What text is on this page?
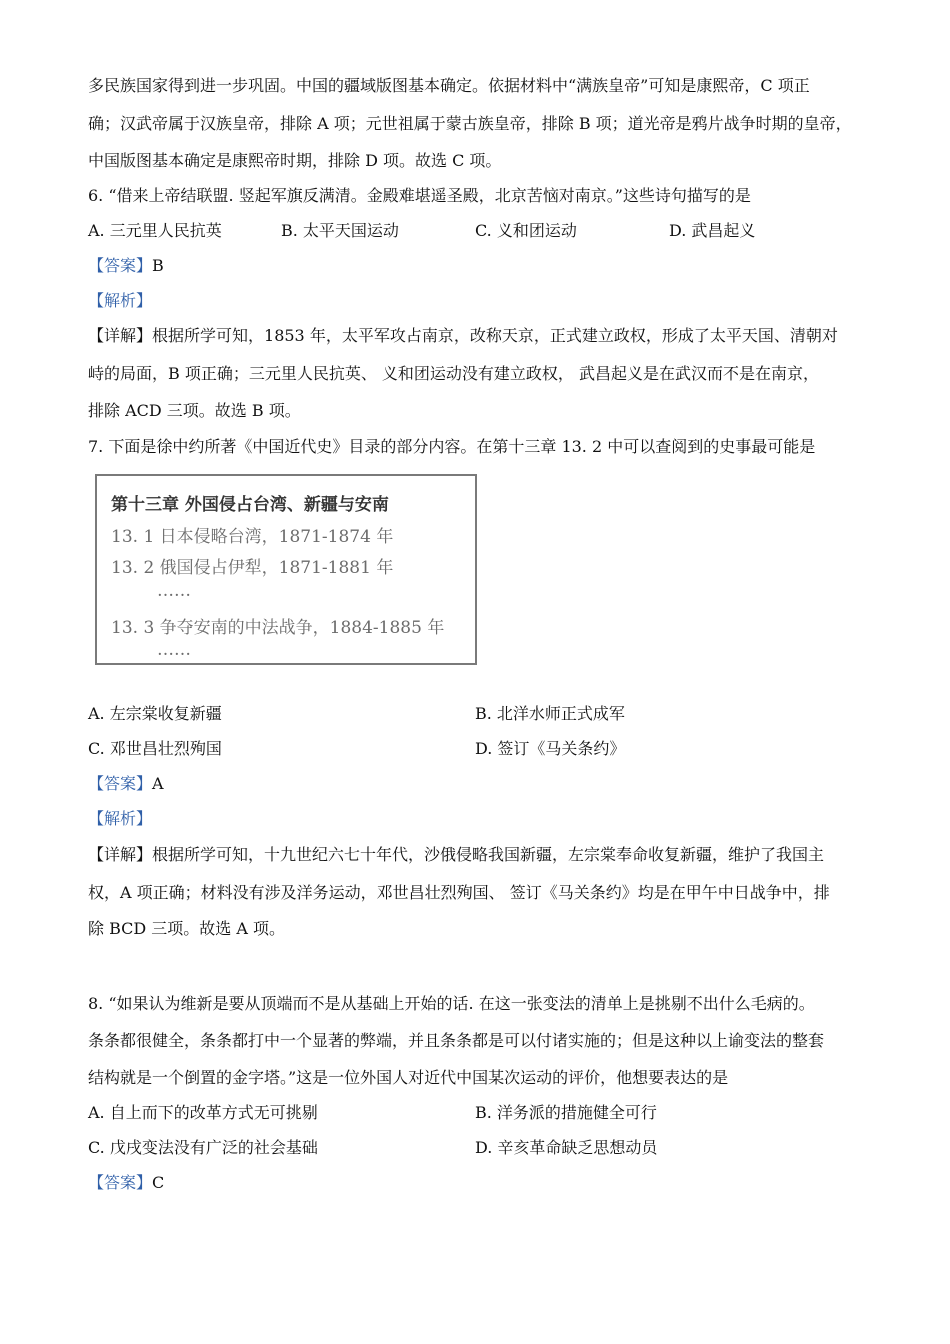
多民族国家得到进一步巩固。中国的疆域版图基本确定。依据材料中“满族皇帝”可知是康熙帝，C 项正
确；汉武帝属于汉族皇帝，排除 A 项；元世祖属于蒙古族皇帝，排除 B 项；道光帝是鸦片战争时期的皇帝，
中国版图基本确定是康熙帝时期，排除 D 项。故选 C 项。
6. “借来上帝结联盟. 竖起军旗反满清。金殿难堪遥圣殿，北京苦恼对南京。”这些诗句描写的是
A. 三元里人民抗英	B. 太平天国运动	C. 义和团运动	D. 武昌起义
【答案】B
【解析】
【详解】根据所学可知，1853 年，太平军攻占南京，改称天京，正式建立政权，形成了太平天国、清朝对
峙的局面，B 项正确；三元里人民抗英、 义和团运动没有建立政权， 武昌起义是在武汉而不是在南京，
排除 ACD 三项。故选 B 项。
7. 下面是徐中约所著《中国近代史》目录的部分内容。在第十三章 13. 2 中可以查阅到的史事最可能是
第十三章 外国侵占台湾、新疆与安南
13. 1 日本侵略台湾，1871-1874 年
13. 2 俄国侵占伊犁，1871-1881 年
……
13. 3 争夺安南的中法战争，1884-1885 年
……
A. 左宗棠收复新疆	B. 北洋水师正式成军
C. 邓世昌壮烈殉国	D. 签订《马关条约》
【答案】A
【解析】
【详解】根据所学可知，十九世纪六七十年代，沙俄侵略我国新疆，左宗棠奉命收复新疆，维护了我国主
权，A 项正确；材料没有涉及洋务运动，邓世昌壮烈殉国、 签订《马关条约》均是在甲午中日战争中，排
除 BCD 三项。故选 A 项。
8. “如果认为维新是要从顶端而不是从基础上开始的话. 在这一张变法的清单上是挑剔不出什么毛病的。
条条都很健全，条条都打中一个显著的弊端，并且条条都是可以付诸实施的；但是这种以上谕变法的整套
结构就是一个倒置的金字塔。”这是一位外国人对近代中国某次运动的评价，他想要表达的是
A. 自上而下的改革方式无可挑剔	B. 洋务派的措施健全可行
C. 戊戌变法没有广泛的社会基础	D. 辛亥革命缺乏思想动员
【答案】C
